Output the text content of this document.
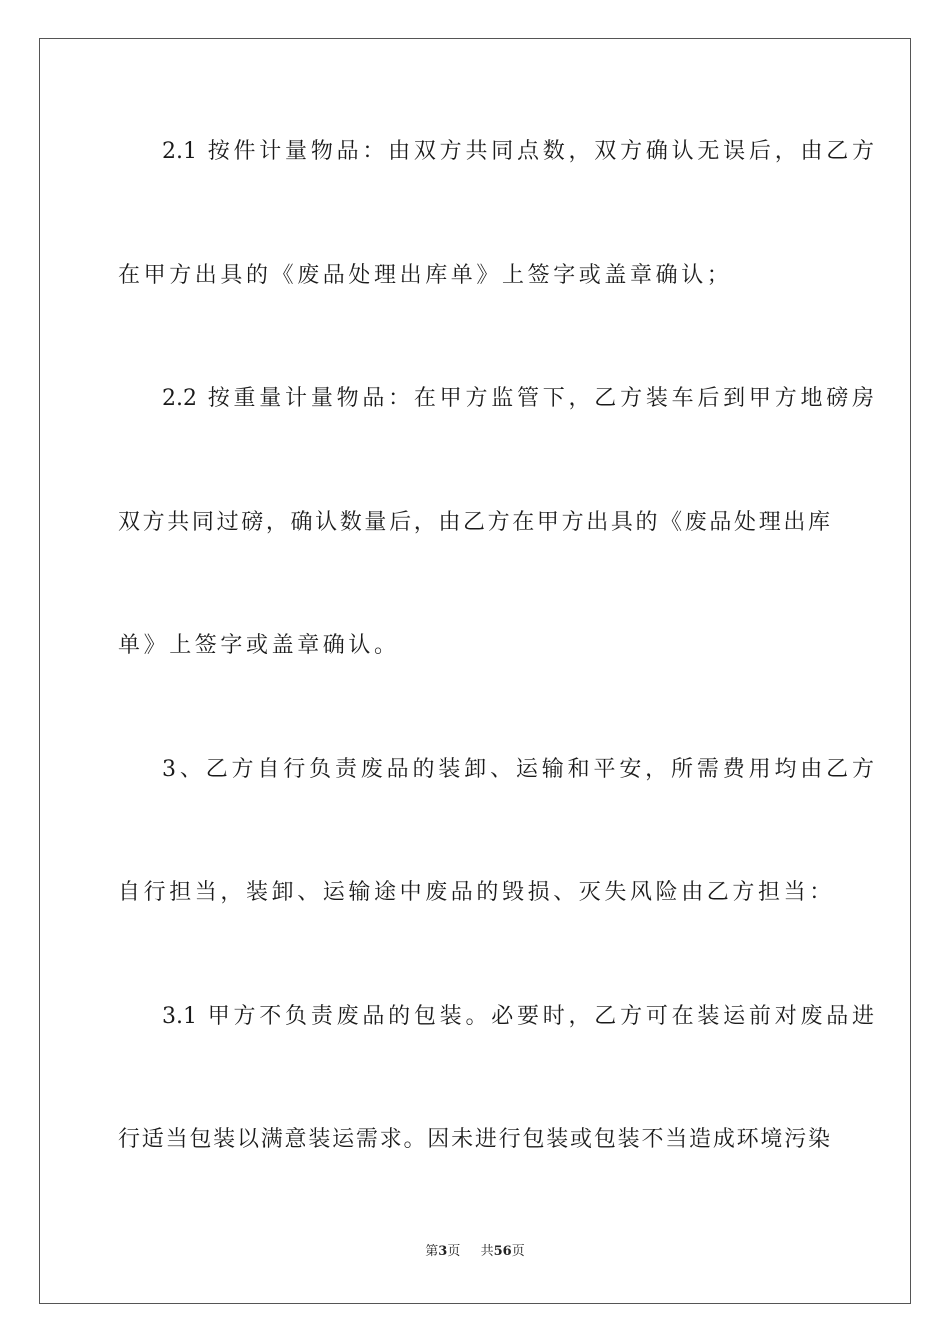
2.1 按件计量物品：由双方共同点数，双方确认无误后，由乙方
在甲方出具的《废品处理出库单》上签字或盖章确认；
2.2 按重量计量物品：在甲方监管下，乙方装车后到甲方地磅房
双方共同过磅，确认数量后，由乙方在甲方出具的《废品处理出库
单》上签字或盖章确认。
3、乙方自行负责废品的装卸、运输和平安，所需费用均由乙方
自行担当，装卸、运输途中废品的毁损、灭失风险由乙方担当：
3.1 甲方不负责废品的包装。必要时，乙方可在装运前对废品进
行适当包装以满意装运需求。因未进行包装或包装不当造成环境污染
第3页 共56页
